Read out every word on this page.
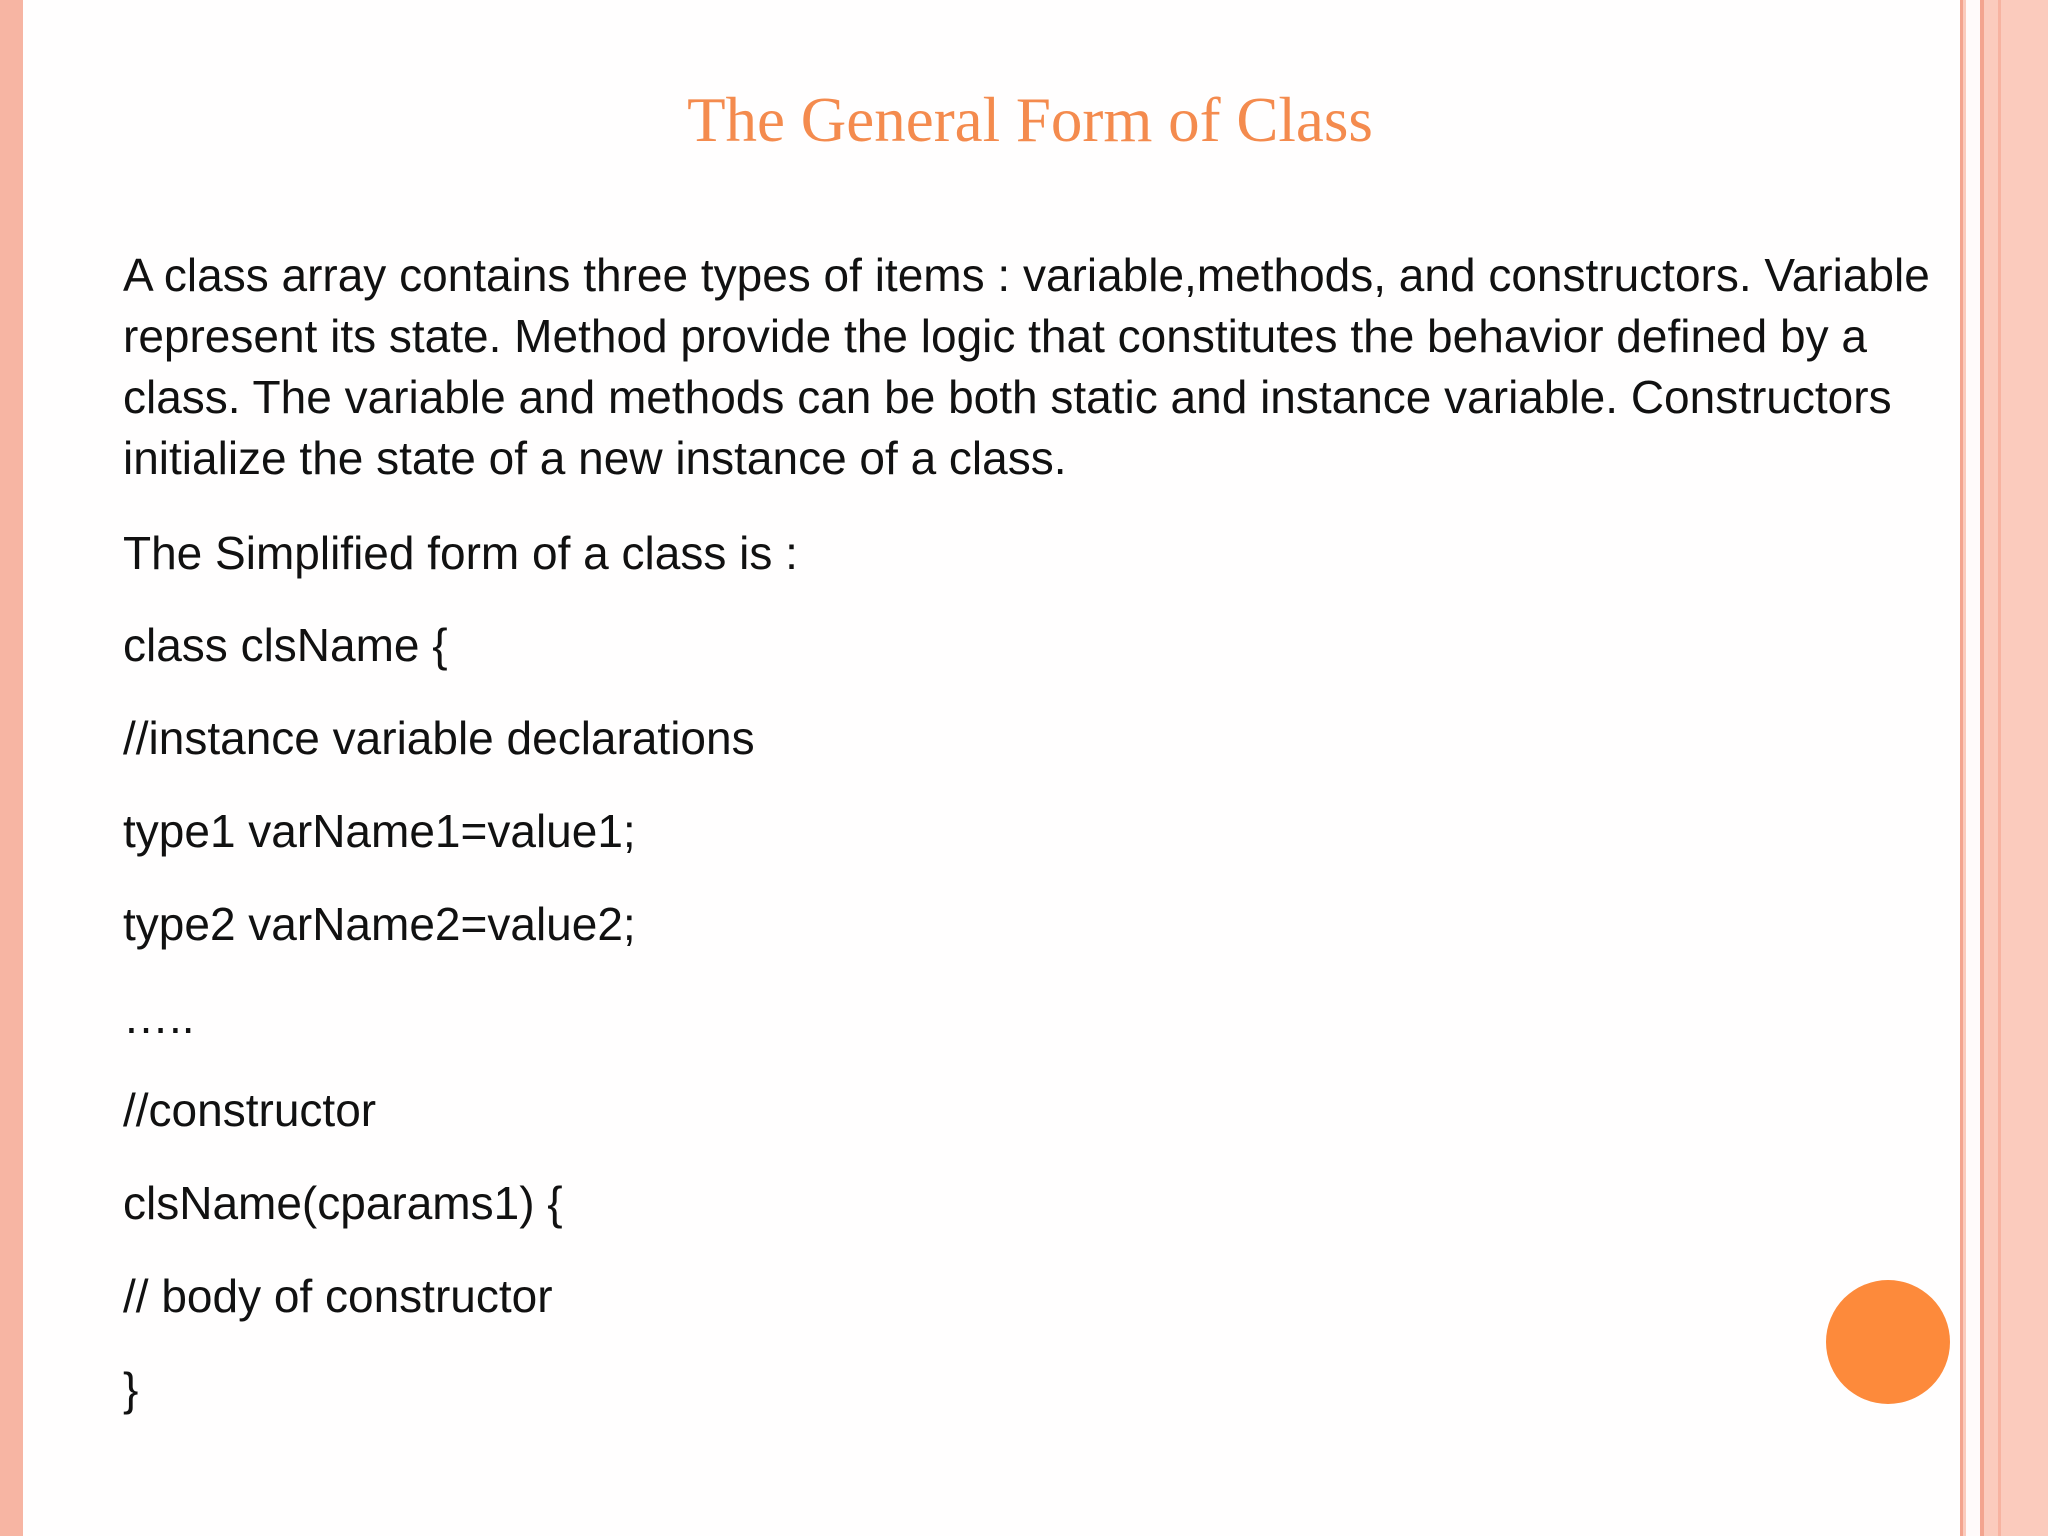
The General Form of Class

A class array contains three types of items : variable,methods, and constructors. Variable represent its state. Method provide the logic that constitutes the behavior defined by a class. The variable and methods can be both static and instance variable. Constructors initialize the state of a new instance of a class.

The Simplified form of a class is :

class clsName {

//instance variable declarations

type1 varName1=value1;

type2 varName2=value2;

…..

//constructor

clsName(cparams1) {

// body of constructor

}
